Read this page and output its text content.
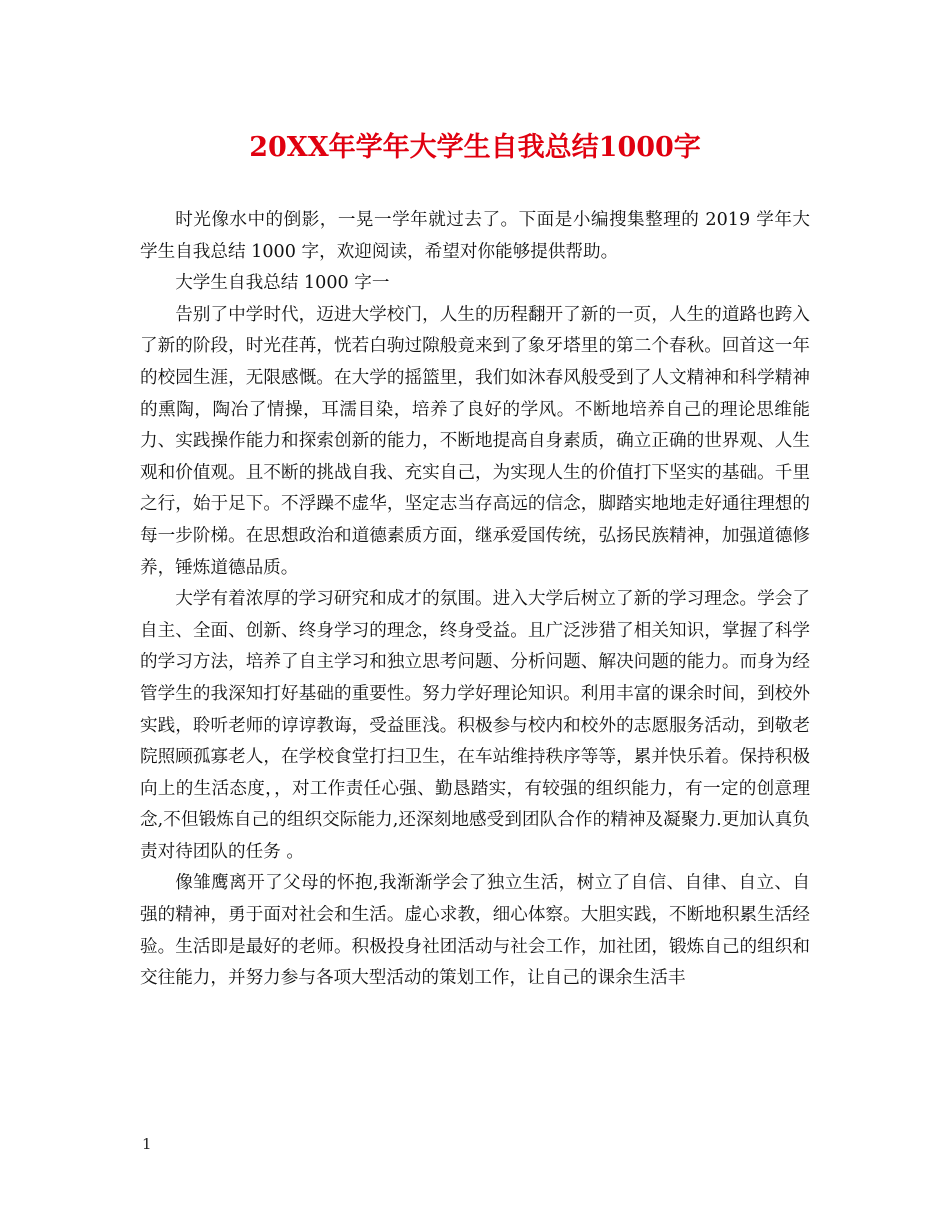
20XX年学年大学生自我总结1000字

时光像水中的倒影，一晃一学年就过去了。下面是小编搜集整理的 2019 学年大学生自我总结 1000 字，欢迎阅读，希望对你能够提供帮助。

大学生自我总结 1000 字一

告别了中学时代，迈进大学校门，人生的历程翻开了新的一页，人生的道路也跨入了新的阶段，时光荏苒，恍若白驹过隙般竟来到了象牙塔里的第二个春秋。回首这一年的校园生涯，无限感慨。在大学的摇篮里，我们如沐春风般受到了人文精神和科学精神的熏陶，陶冶了情操，耳濡目染，培养了良好的学风。不断地培养自己的理论思维能力、实践操作能力和探索创新的能力，不断地提高自身素质，确立正确的世界观、人生观和价值观。且不断的挑战自我、充实自己，为实现人生的价值打下坚实的基础。千里之行，始于足下。不浮躁不虚华，坚定志当存高远的信念，脚踏实地地走好通往理想的每一步阶梯。在思想政治和道德素质方面，继承爱国传统，弘扬民族精神，加强道德修养，锤炼道德品质。

大学有着浓厚的学习研究和成才的氛围。进入大学后树立了新的学习理念。学会了自主、全面、创新、终身学习的理念，终身受益。且广泛涉猎了相关知识，掌握了科学的学习方法，培养了自主学习和独立思考问题、分析问题、解决问题的能力。而身为经管学生的我深知打好基础的重要性。努力学好理论知识。利用丰富的课余时间，到校外实践，聆听老师的谆谆教诲，受益匪浅。积极参与校内和校外的志愿服务活动，到敬老院照顾孤寡老人，在学校食堂打扫卫生，在车站维持秩序等等，累并快乐着。保持积极向上的生活态度，，对工作责任心强、勤恳踏实，有较强的组织能力，有一定的创意理念,不但锻炼自己的组织交际能力,还深刻地感受到团队合作的精神及凝聚力.更加认真负责对待团队的任务 。

像雏鹰离开了父母的怀抱,我渐渐学会了独立生活，树立了自信、自律、自立、自强的精神，勇于面对社会和生活。虚心求教，细心体察。大胆实践，不断地积累生活经验。生活即是最好的老师。积极投身社团活动与社会工作，加社团，锻炼自己的组织和交往能力，并努力参与各项大型活动的策划工作，让自己的课余生活丰

1
